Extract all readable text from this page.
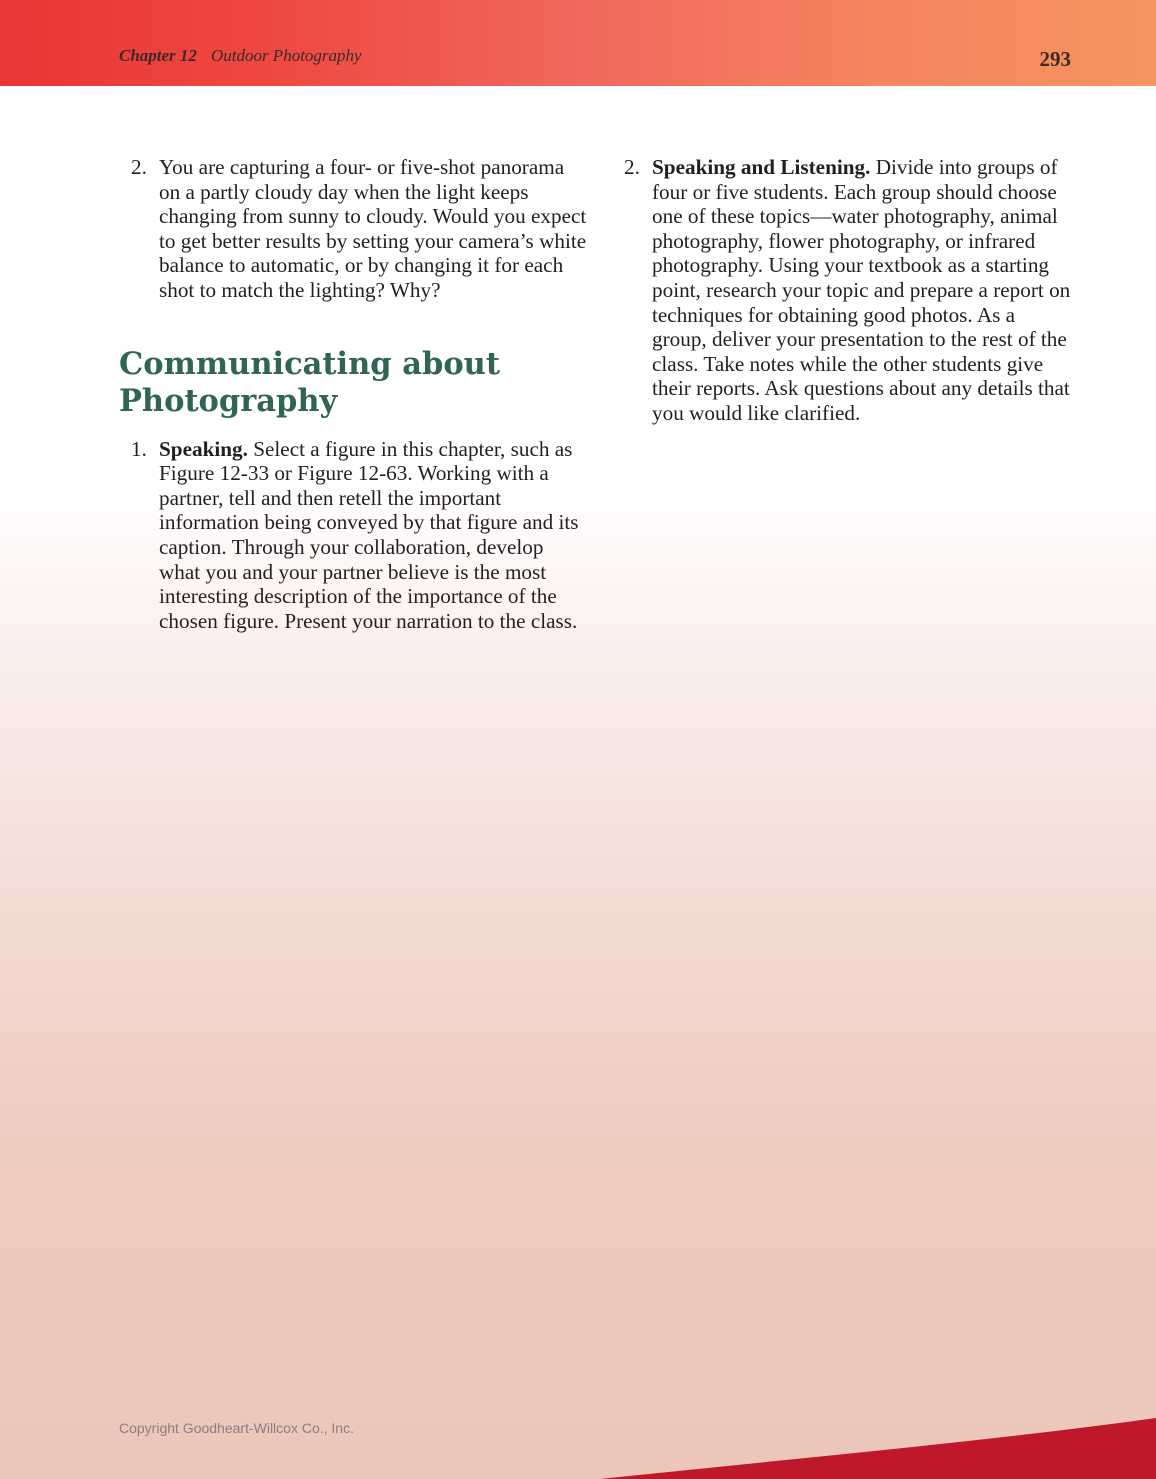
Chapter 12 Outdoor Photography	293
2. You are capturing a four- or five-shot panorama on a partly cloudy day when the light keeps changing from sunny to cloudy. Would you expect to get better results by setting your camera’s white balance to automatic, or by changing it for each shot to match the lighting? Why?

Communicating about Photography
1. Speaking. Select a figure in this chapter, such as Figure 12-33 or Figure 12-63. Working with a partner, tell and then retell the important information being conveyed by that figure and its caption. Through your collaboration, develop what you and your partner believe is the most interesting description of the importance of the chosen figure. Present your narration to the class.

2. Speaking and Listening. Divide into groups of four or five students. Each group should choose one of these topics—water photography, animal photography, flower photography, or infrared photography. Using your textbook as a starting point, research your topic and prepare a report on techniques for obtaining good photos. As a group, deliver your presentation to the rest of the class. Take notes while the other students give their reports. Ask questions about any details that you would like clarified.

Copyright Goodheart-Willcox Co., Inc.
